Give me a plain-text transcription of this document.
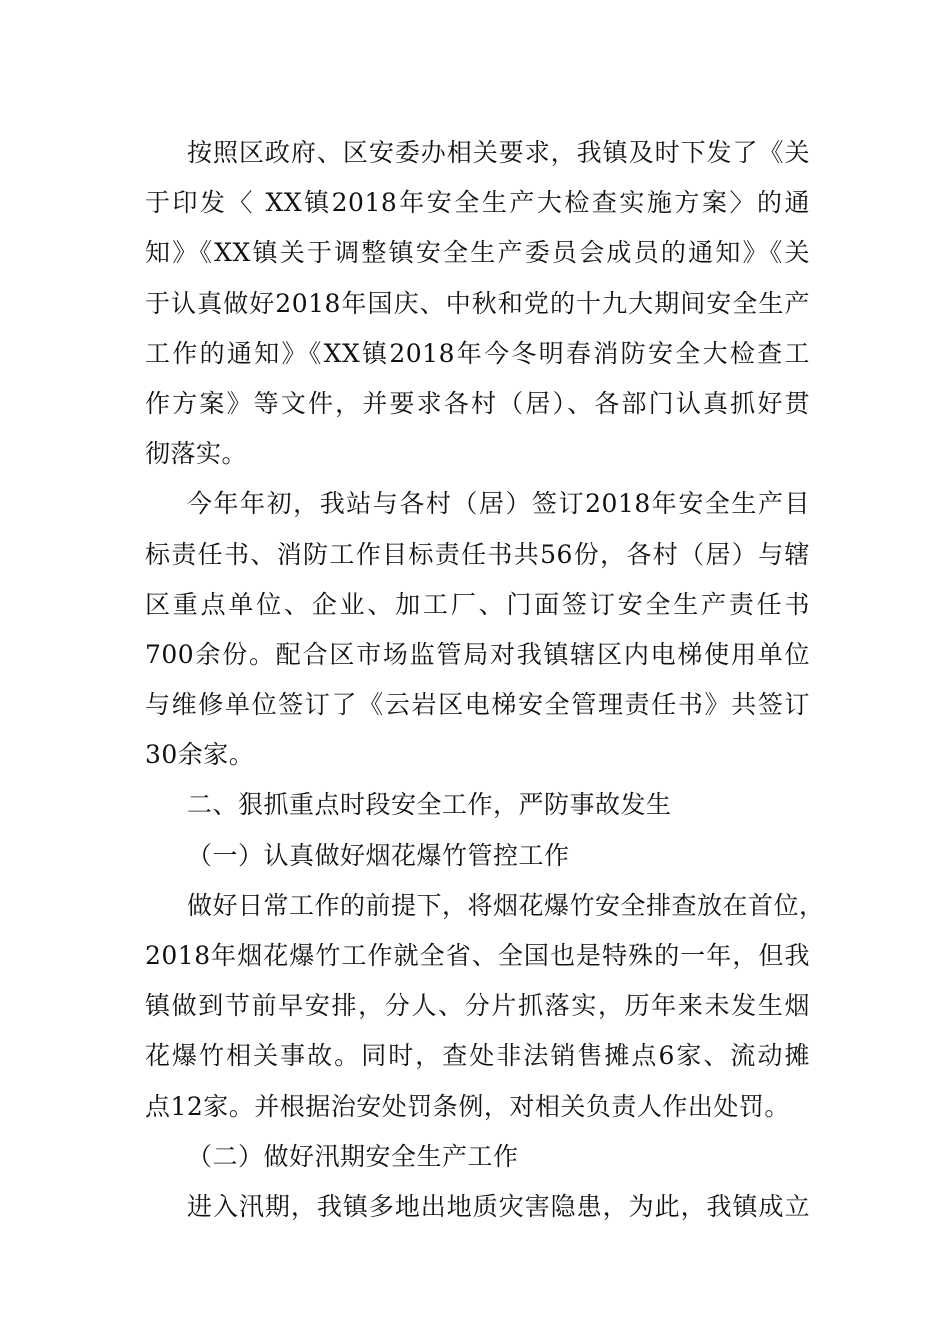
按照区政府、区安委办相关要求，我镇及时下发了《关
于印发〈 XX镇2018年安全生产大检查实施方案〉的通
知》《XX镇关于调整镇安全生产委员会成员的通知》《关
于认真做好2018年国庆、中秋和党的十九大期间安全生产
工作的通知》《XX镇2018年今冬明春消防安全大检查工
作方案》等文件，并要求各村（居）、各部门认真抓好贯
彻落实。
今年年初，我站与各村（居）签订2018年安全生产目
标责任书、消防工作目标责任书共56份，各村（居）与辖
区重点单位、企业、加工厂、门面签订安全生产责任书
700余份。配合区市场监管局对我镇辖区内电梯使用单位
与维修单位签订了《云岩区电梯安全管理责任书》共签订
30余家。
二、狠抓重点时段安全工作，严防事故发生
（一）认真做好烟花爆竹管控工作
做好日常工作的前提下，将烟花爆竹安全排查放在首位，
2018年烟花爆竹工作就全省、全国也是特殊的一年，但我
镇做到节前早安排，分人、分片抓落实，历年来未发生烟
花爆竹相关事故。同时，查处非法销售摊点6家、流动摊
点12家。并根据治安处罚条例，对相关负责人作出处罚。
（二）做好汛期安全生产工作
进入汛期，我镇多地出地质灾害隐患，为此，我镇成立
